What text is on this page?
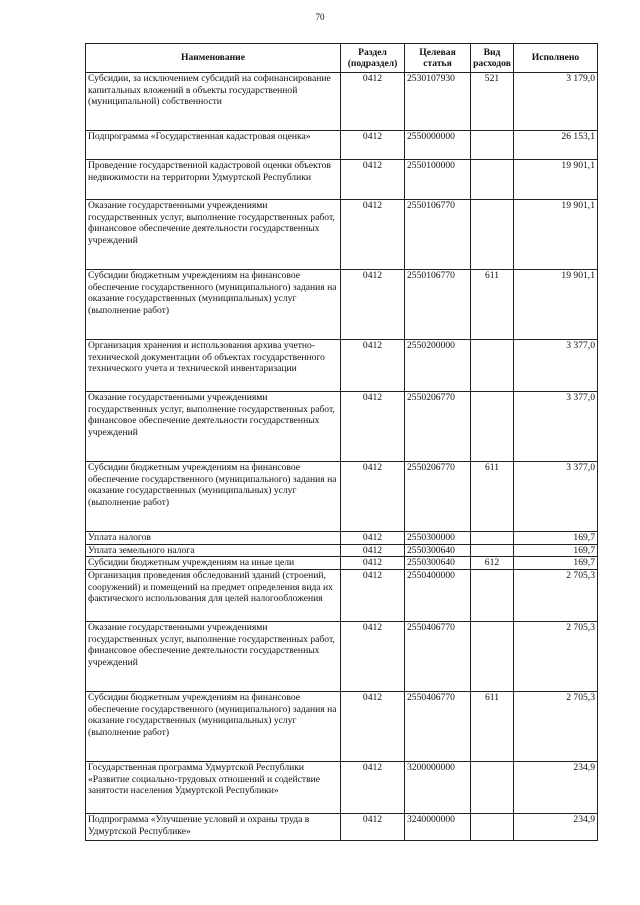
70
Наименование	Раздел (подраздел)	Целевая статья	Вид расходов	Исполнено
Субсидии, за исключением субсидий на софинансирование капитальных вложений в объекты государственной (муниципальной) собственности	0412	2530107930	521	3 179,0
Подпрограмма «Государственная кадастровая оценка»	0412	2550000000		26 153,1
Проведение государственной кадастровой оценки объектов недвижимости на территории Удмуртской Республики	0412	2550100000		19 901,1
Оказание государственными учреждениями государственных услуг, выполнение государственных работ, финансовое обеспечение деятельности государственных учреждений	0412	2550106770		19 901,1
Субсидии бюджетным учреждениям на финансовое обеспечение государственного (муниципального) задания на оказание государственных (муниципальных) услуг (выполнение работ)	0412	2550106770	611	19 901,1
Организация хранения и использования архива учетно-технической документации об объектах государственного технического учета и технической инвентаризации	0412	2550200000		3 377,0
Оказание государственными учреждениями государственных услуг, выполнение государственных работ, финансовое обеспечение деятельности государственных учреждений	0412	2550206770		3 377,0
Субсидии бюджетным учреждениям на финансовое обеспечение государственного (муниципального) задания на оказание государственных (муниципальных) услуг (выполнение работ)	0412	2550206770	611	3 377,0
Уплата налогов	0412	2550300000		169,7
Уплата земельного налога	0412	2550300640		169,7
Субсидии бюджетным учреждениям на иные цели	0412	2550300640	612	169,7
Организация проведения обследований зданий (строений, сооружений) и помещений на предмет определения вида их фактического использования для целей налогообложения	0412	2550400000		2 705,3
Оказание государственными учреждениями государственных услуг, выполнение государственных работ, финансовое обеспечение деятельности государственных учреждений	0412	2550406770		2 705,3
Субсидии бюджетным учреждениям на финансовое обеспечение государственного (муниципального) задания на оказание государственных (муниципальных) услуг (выполнение работ)	0412	2550406770	611	2 705,3
Государственная программа Удмуртской Республики «Развитие социально-трудовых отношений и содействие занятости населения Удмуртской Республики»	0412	3200000000		234,9
Подпрограмма «Улучшение условий и охраны труда в Удмуртской Республике»	0412	3240000000		234,9
